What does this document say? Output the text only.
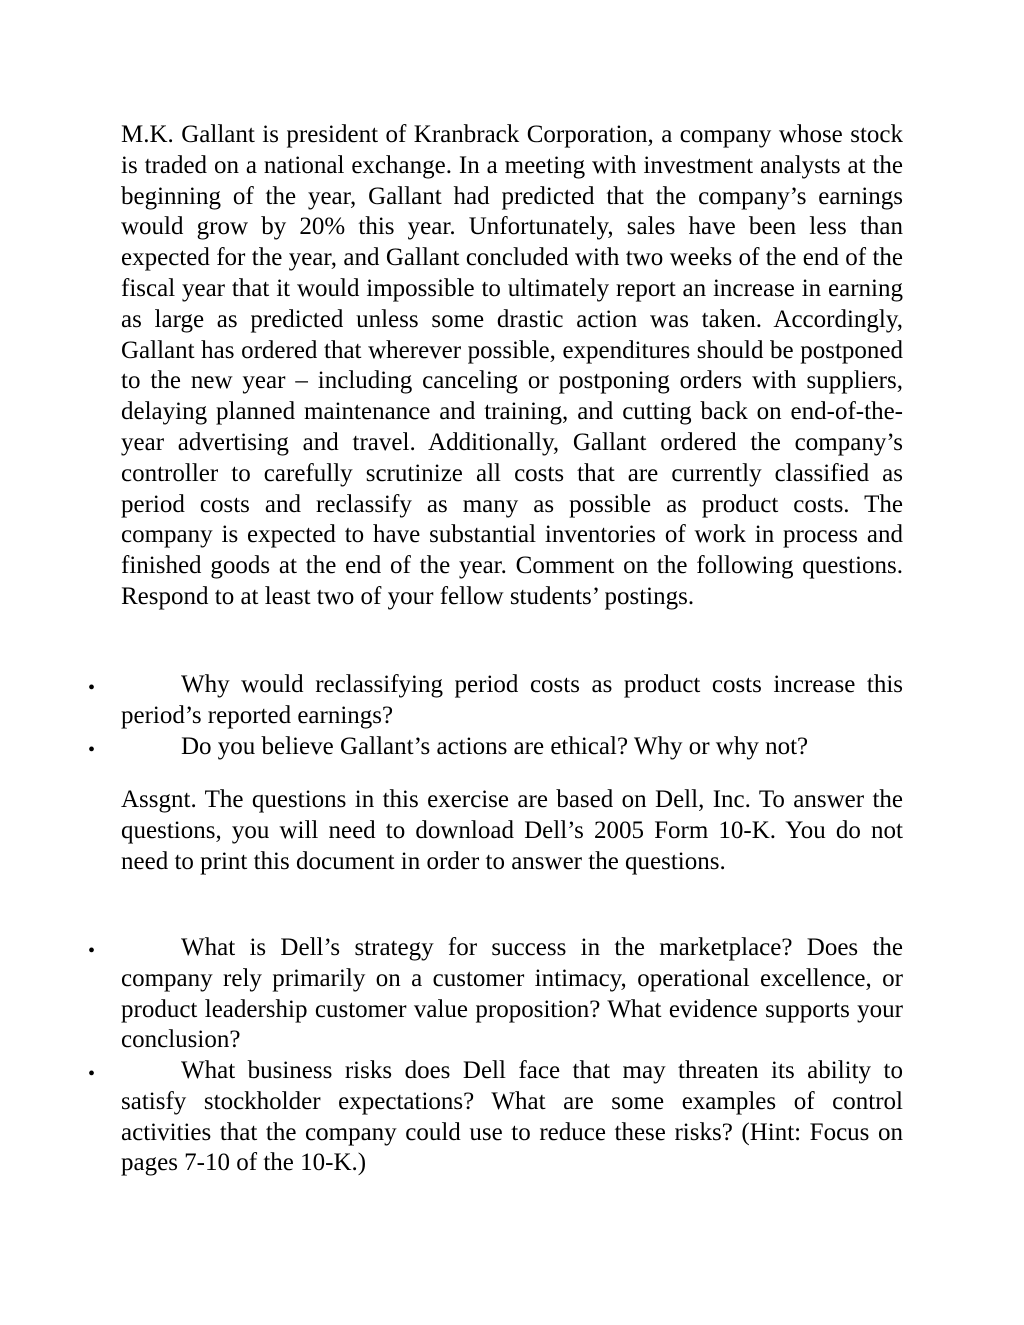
M.K. Gallant is president of Kranbrack Corporation, a company whose stock is traded on a national exchange. In a meeting with investment analysts at the beginning of the year, Gallant had predicted that the company’s earnings would grow by 20% this year. Unfortunately, sales have been less than expected for the year, and Gallant concluded with two weeks of the end of the fiscal year that it would impossible to ultimately report an increase in earning as large as predicted unless some drastic action was taken. Accordingly, Gallant has ordered that wherever possible, expenditures should be postponed to the new year – including canceling or postponing orders with suppliers, delaying planned maintenance and training, and cutting back on end-of-the-year advertising and travel. Additionally, Gallant ordered the company’s controller to carefully scrutinize all costs that are currently classified as period costs and reclassify as many as possible as product costs. The company is expected to have substantial inventories of work in process and finished goods at the end of the year. Comment on the following questions. Respond to at least two of your fellow students’ postings.

•	Why would reclassifying period costs as product costs increase this period’s reported earnings?

•	Do you believe Gallant’s actions are ethical? Why or why not?

Assgnt. The questions in this exercise are based on Dell, Inc. To answer the questions, you will need to download Dell’s 2005 Form 10-K. You do not need to print this document in order to answer the questions.

•	What is Dell’s strategy for success in the marketplace? Does the company rely primarily on a customer intimacy, operational excellence, or product leadership customer value proposition? What evidence supports your conclusion?

•	What business risks does Dell face that may threaten its ability to satisfy stockholder expectations? What are some examples of control activities that the company could use to reduce these risks? (Hint: Focus on pages 7-10 of the 10-K.)
